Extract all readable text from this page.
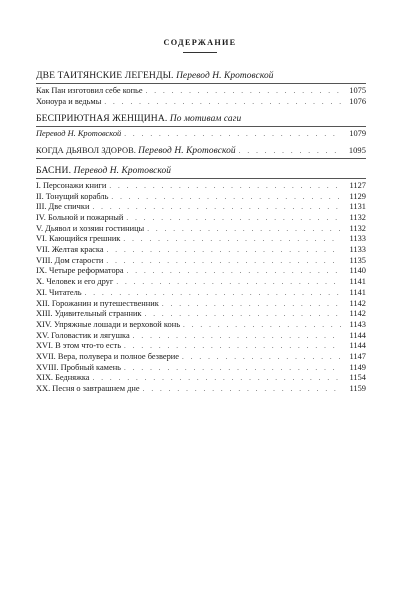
СОДЕРЖАНИЕ
ДВЕ ТАИТЯНСКИЕ ЛЕГЕНДЫ. Перевод Н. Кротовской
Как Пан изготовил себе копье . . .	1075
Хоноура и ведьмы . . .	1076
БЕСПРИЮТНАЯ ЖЕНЩИНА. По мотивам саги
Перевод Н. Кротовской . . .	1079
КОГДА ДЬЯВОЛ ЗДОРОВ. Перевод Н. Кротовской . . .	1095
БАСНИ. Перевод Н. Кротовской
I. Персонажи книги . . .	1127
II. Тонущий корабль . . .	1129
III. Две спички . . .	1131
IV. Больной и пожарный . . .	1132
V. Дьявол и хозяин гостиницы . . .	1132
VI. Кающийся грешник . . .	1133
VII. Желтая краска . . .	1133
VIII. Дом старости . . .	1135
IX. Четыре реформатора . . .	1140
X. Человек и его друг . . .	1141
XI. Читатель . . .	1141
XII. Горожанин и путешественник . . .	1142
XIII. Удивительный странник . . .	1142
XIV. Упряжные лошади и верховой конь . . .	1143
XV. Головастик и лягушка . . .	1144
XVI. В этом что-то есть . . .	1144
XVII. Вера, полувера и полное безверие . . .	1147
XVIII. Пробный камень . . .	1149
XIX. Бедняжка . . .	1154
XX. Песня о завтрашнем дне . . .	1159
